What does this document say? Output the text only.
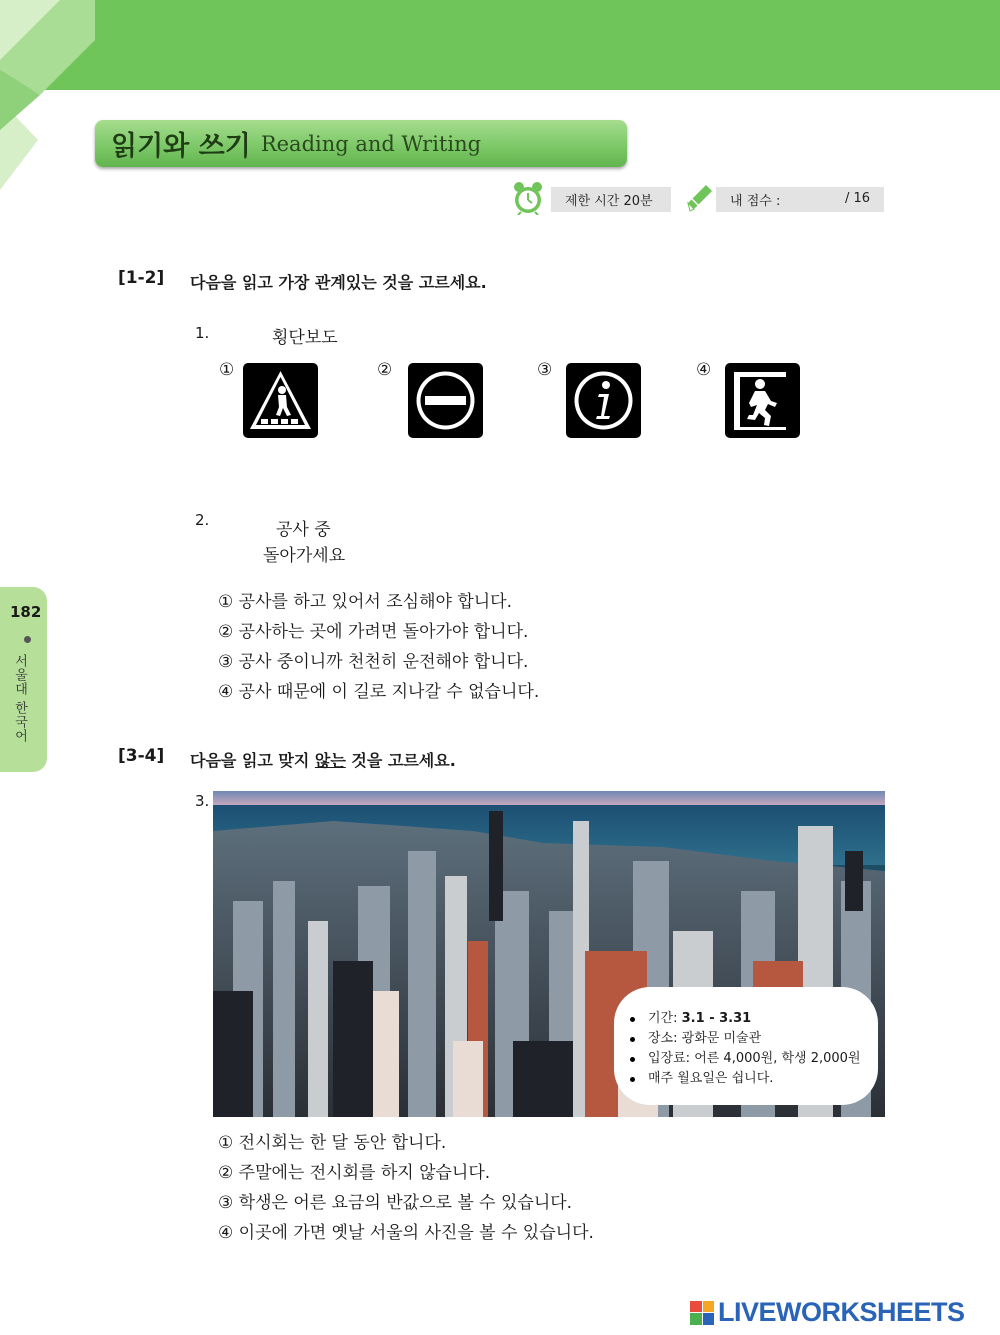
읽기와 쓰기 Reading and Writing
제한 시간 20분	내 점수 :	/ 16
182
서울대 한국어
[1-2] 다음을 읽고 가장 관계있는 것을 고르세요.
1.	횡단보도
①	②	③	④
2.	공사 중
돌아가세요
① 공사를 하고 있어서 조심해야 합니다.
② 공사하는 곳에 가려면 돌아가야 합니다.
③ 공사 중이니까 천천히 운전해야 합니다.
④ 공사 때문에 이 길로 지나갈 수 없습니다.
[3-4] 다음을 읽고 맞지 않는 것을 고르세요.
3.
기간: 3.1 - 3.31
장소: 광화문 미술관
입장료: 어른 4,000원, 학생 2,000원
매주 월요일은 쉽니다.
① 전시회는 한 달 동안 합니다.
② 주말에는 전시회를 하지 않습니다.
③ 학생은 어른 요금의 반값으로 볼 수 있습니다.
④ 이곳에 가면 옛날 서울의 사진을 볼 수 있습니다.
LIVEWORKSHEETS
